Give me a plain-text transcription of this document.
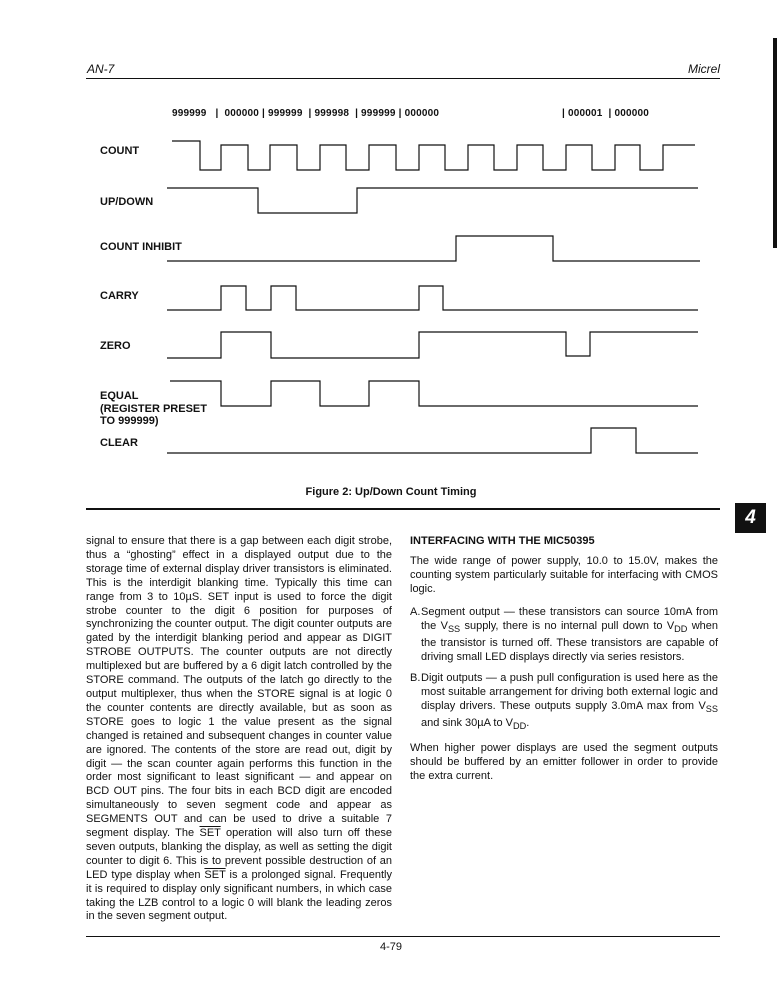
AN-7	Micrel
999999   |  000000 | 999999  | 999998  | 999999 | 000000	| 000001  | 000000
COUNT
UP/DOWN
COUNT INHIBIT
CARRY
ZERO
EQUAL
(REGISTER PRESET
TO 999999)
CLEAR
Figure 2: Up/Down Count Timing
4

signal to ensure that there is a gap between each digit strobe, thus a “ghosting” effect in a displayed output due to the storage time of external display driver transistors is eliminated. This is the interdigit blanking time. Typically this time can range from 3 to 10µS. SET input is used to force the digit strobe counter to the digit 6 position for purposes of synchronizing the counter output. The digit counter outputs are gated by the interdigit blanking period and appear as DIGIT STROBE OUTPUTS. The counter outputs are not directly multiplexed but are buffered by a 6 digit latch controlled by the STORE command. The outputs of the latch go directly to the output multiplexer, thus when the STORE signal is at logic 0 the counter contents are directly available, but as soon as STORE goes to logic 1 the value present as the signal changed is retained and subsequent changes in counter value are ignored. The contents of the store are read out, digit by digit — the scan counter again performs this function in the order most significant to least significant — and appear on BCD OUT pins. The four bits in each BCD digit are encoded simultaneously to seven segment code and appear as SEGMENTS OUT and can be used to drive a suitable 7 segment display. The $\overline{SET}$ operation will also turn off these seven outputs, blanking the display, as well as setting the digit counter to digit 6. This is to prevent possible destruction of an LED type display when $\overline{SET}$ is a prolonged signal. Frequently it is required to display only significant numbers, in which case taking the LZB control to a logic 0 will blank the leading zeros in the seven segment output.

INTERFACING WITH THE MIC50395

The wide range of power supply, 10.0 to 15.0V, makes the counting system particularly suitable for interfacing with CMOS logic.

A. Segment output — these transistors can source 10mA from the $V_{SS}$ supply, there is no internal pull down to $V_{DD}$ when the transistor is turned off. These transistors are capable of driving small LED displays directly via series resistors.
B. Digit outputs — a push pull configuration is used here as the most suitable arrangement for driving both external logic and display drivers. These outputs supply 3.0mA max from $V_{SS}$ and sink 30µA to $V_{DD}$.

When higher power displays are used the segment outputs should be buffered by an emitter follower in order to provide the extra current.

4-79
